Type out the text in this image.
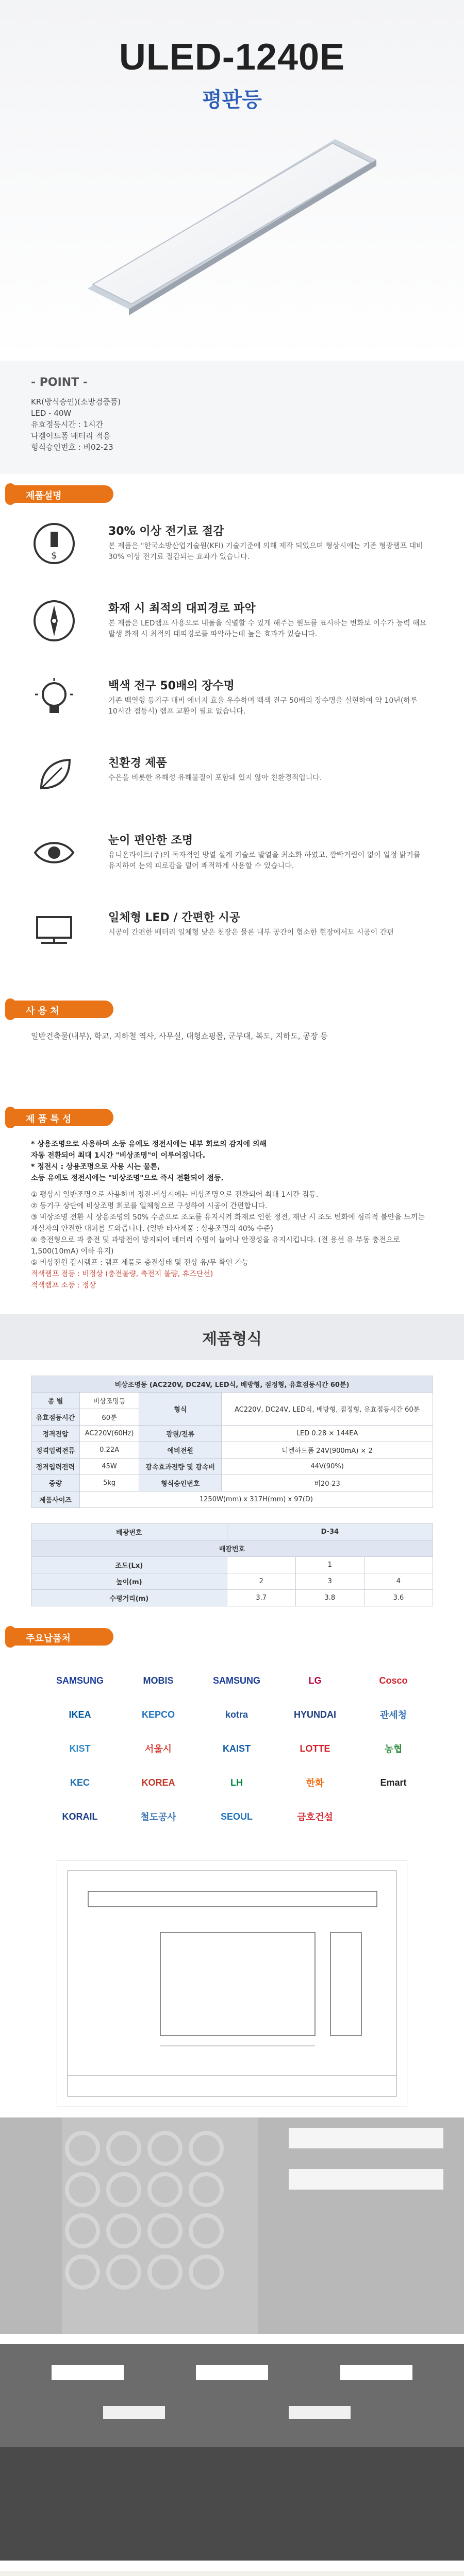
ULED-1240E
평판등
- POINT -
KR(방식승인)(소방검증품)
LED - 40W
유효정등시간 : 1시간
나겔어드폼 배터리 적용
형식승인번호 : 비02-23
제품설명
$
30% 이상 전기료 절감
본 제품은 "한국소방산업기술원(KFI) 기술기준에 의해 제작 되었으며 형상시에는 기존 형광램프 대비 30% 이상 전기료 절감되는 효과가 있습니다.
화재 시 최적의 대피경로 파악
본 제품은 LED램프 사용으로 내돌을 식별할 수 있게 해주는 원도를 표시하는 변화보 이수가 능력 해요 발생 화재 시 최적의 대피경로를 파악하는데 높은 효과가 있습니다.
백색 전구 50배의 장수명
기존 백열형 등기구 대비 에너지 효율 우수하며 백색 전구 50배의 장수명을 실현하여 약 10년(하루 10시간 점등시) 램프 교환이 필요 없습니다.
친환경 제품
수은을 비롯한 유해성 유해물질이 포함돼 있지 않아 친환경적입니다.
눈이 편안한 조명
유니온라이트(주)의 독자적인 방열 설계 기술로 발열을 최소화 하였고, 깜빡거림이 없이 일정 밝기를 유지하여 눈의 피로감을 덜어 쾌적하게 사용할 수 있습니다.
일체형 LED / 간편한 시공
시공이 간편한 배터리 일체형 낮은 천장은 물론 내부 공간이 협소한 현장에서도 시공이 간편
사 용 처
일반건축물(내부), 학교, 지하철 역사, 사무실, 대형쇼핑몰, 군부대, 복도, 지하도, 공장 등
제 품 특 성
* 상용조명으로 사용하며 소등 유에도 정전시에는 내부 회로의 감지에 의해
자동 전환되어 최대 1시간 "비상조명"이 이루어집니다.
* 정전시 : 상용조명으로 사용 시는 물론,
소등 유에도 정전시에는 "비상조명"으로 즉시 전환되어 점등.
① 평상시 일반조명으로 사용하며 정전·비상시에는 비상조명으로 전환되어 최대 1시간 점등.
② 등기구 상단에 비상조명 회로를 일체형으로 구성하여 시공이 간편합니다.
③ 비상조명 전환 시 상용조명의 50% 수준으로 조도를 유지시켜 화재로 인한 정전, 재난 시 조도 변화에 심리적 불안을 느끼는 재실자의 안전한 대피를 도와줍니다. (일반 타사제품 : 상용조명의 40% 수준)
④ 충전형으로 과 충전 및 과방전이 방지되어 배터리 수명이 늘어나 안정성을 유지시킵니다. (전 용선 유 부동 충전으로 1,500(10mA) 이하 유지)
⑤ 비상전원 감시램프 : 램프 제품로 충전상태 및 전상 유/무 확인 가능
적색램프 점등 : 비정상 (충전불량, 축전지 불량, 휴즈단선)
적색램프 소등 : 정상
제품형식
비상조명등 (AC220V, DC24V, LED식, 배방형, 점정형, 유효점등시간 60분)			
종 별	비상조명등	형식	AC220V, DC24V, LED식, 배방형, 점정형, 유효점등시간 60분
유효점등시간	60분		
정격전압	AC220V(60Hz)	광원/전류	LED 0.28 × 144EA
정격입력전류	0.22A	예비전원	니켈하드폼 24V(900mA) × 2
정격입력전력	45W	광속효과전량 및 광속비	44V(90%)
중량	5kg	형식승인번호	비20-23
제품사이즈	1250W(mm) x 317H(mm) x 97(D)		
배광번호	D-34		
배광번호			
조도(Lx)		1	
높이(m)	2	3	4
수평거리(m)	3.7	3.8	3.6
주요납품처
SAMSUNG	MOBIS	SAMSUNG	LG	Cosco
IKEA	KEPCO	kotra	HYUNDAI	관세청
KIST	서울시	KAIST	LOTTE	농협
KEC	KOREA	LH	한화	Emart
KORAIL	철도공사	SEOUL	금호건설
